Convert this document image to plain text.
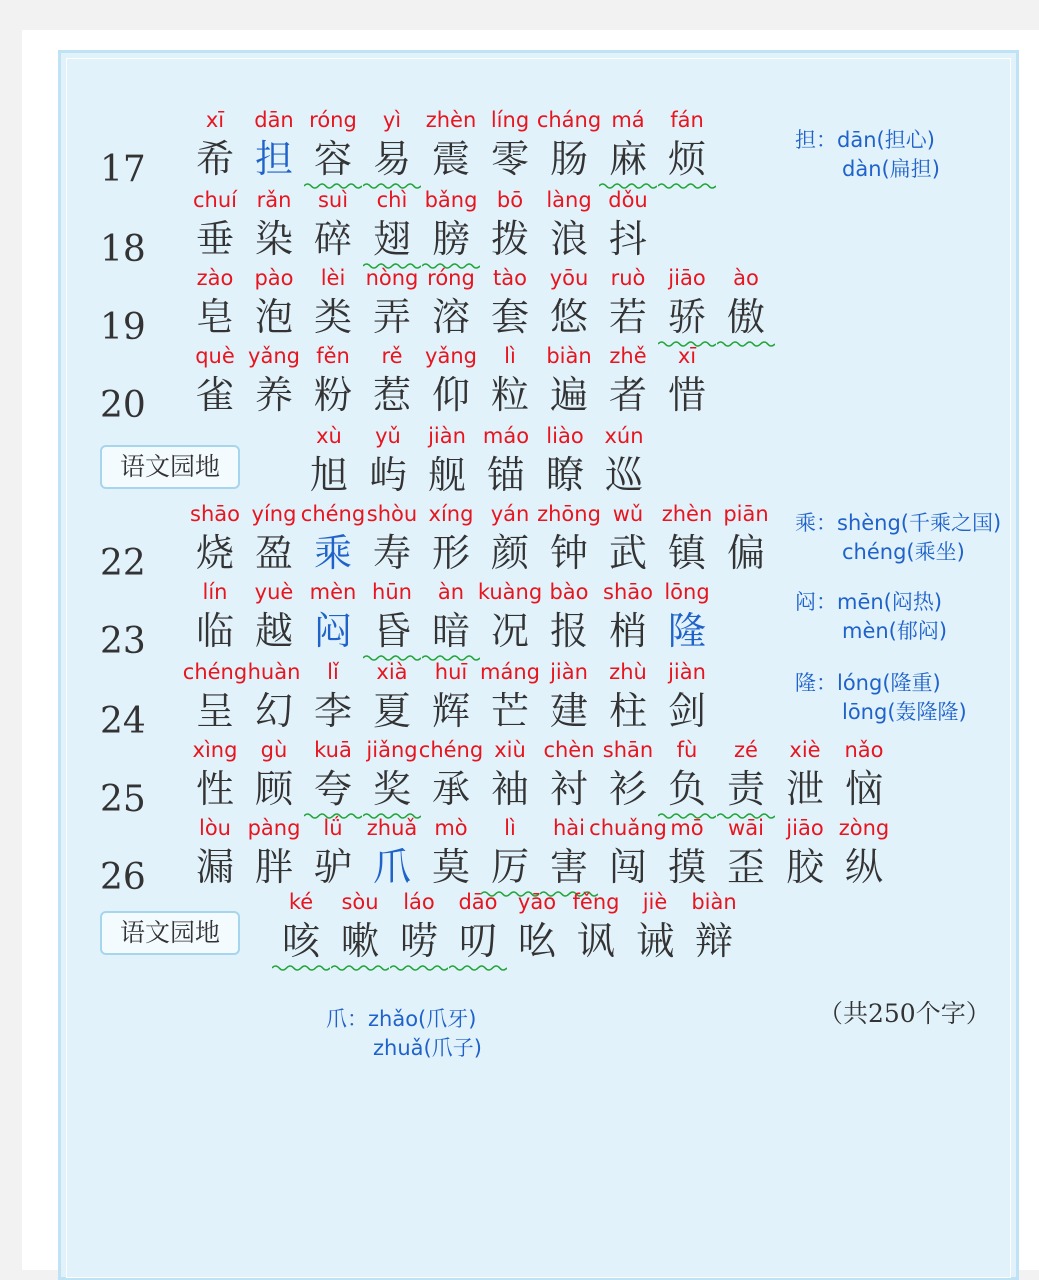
17
xī
希
dān
担
róng
容
yì
易
zhèn
震
líng
零
cháng
肠
má
麻
fán
烦
18
chuí
垂
rǎn
染
suì
碎
chì
翅
bǎng
膀
bō
拨
làng
浪
dǒu
抖
19
zào
皂
pào
泡
lèi
类
nòng
弄
róng
溶
tào
套
yōu
悠
ruò
若
jiāo
骄
ào
傲
20
què
雀
yǎng
养
fěn
粉
rě
惹
yǎng
仰
lì
粒
biàn
遍
zhě
者
xī
惜
xù
旭
yǔ
屿
jiàn
舰
máo
锚
liào
瞭
xún
巡
22
shāo
烧
yíng
盈
chéng
乘
shòu
寿
xíng
形
yán
颜
zhōng
钟
wǔ
武
zhèn
镇
piān
偏
23
lín
临
yuè
越
mèn
闷
hūn
昏
àn
暗
kuàng
况
bào
报
shāo
梢
lōng
隆
24
chéng
呈
huàn
幻
lǐ
李
xià
夏
huī
辉
máng
芒
jiàn
建
zhù
柱
jiàn
剑
25
xìng
性
gù
顾
kuā
夸
jiǎng
奖
chéng
承
xiù
袖
chèn
衬
shān
衫
fù
负
zé
责
xiè
泄
nǎo
恼
26
lòu
漏
pàng
胖
lǘ
驴
zhuǎ
爪
mò
莫
lì
厉
hài
害
chuǎng
闯
mō
摸
wāi
歪
jiāo
胶
zòng
纵
ké
咳
sòu
嗽
láo
唠
dāo
叨
yāo
吆
fěng
讽
jiè
诫
biàn
辩
语文园地
语文园地
担：dān(担心)
dàn(扁担)
乘：shèng(千乘之国)
chéng(乘坐)
闷：mēn(闷热)
mèn(郁闷)
隆：lóng(隆重)
lōng(轰隆隆)
爪：zhǎo(爪牙)
zhuǎ(爪子)
（共250个字）
